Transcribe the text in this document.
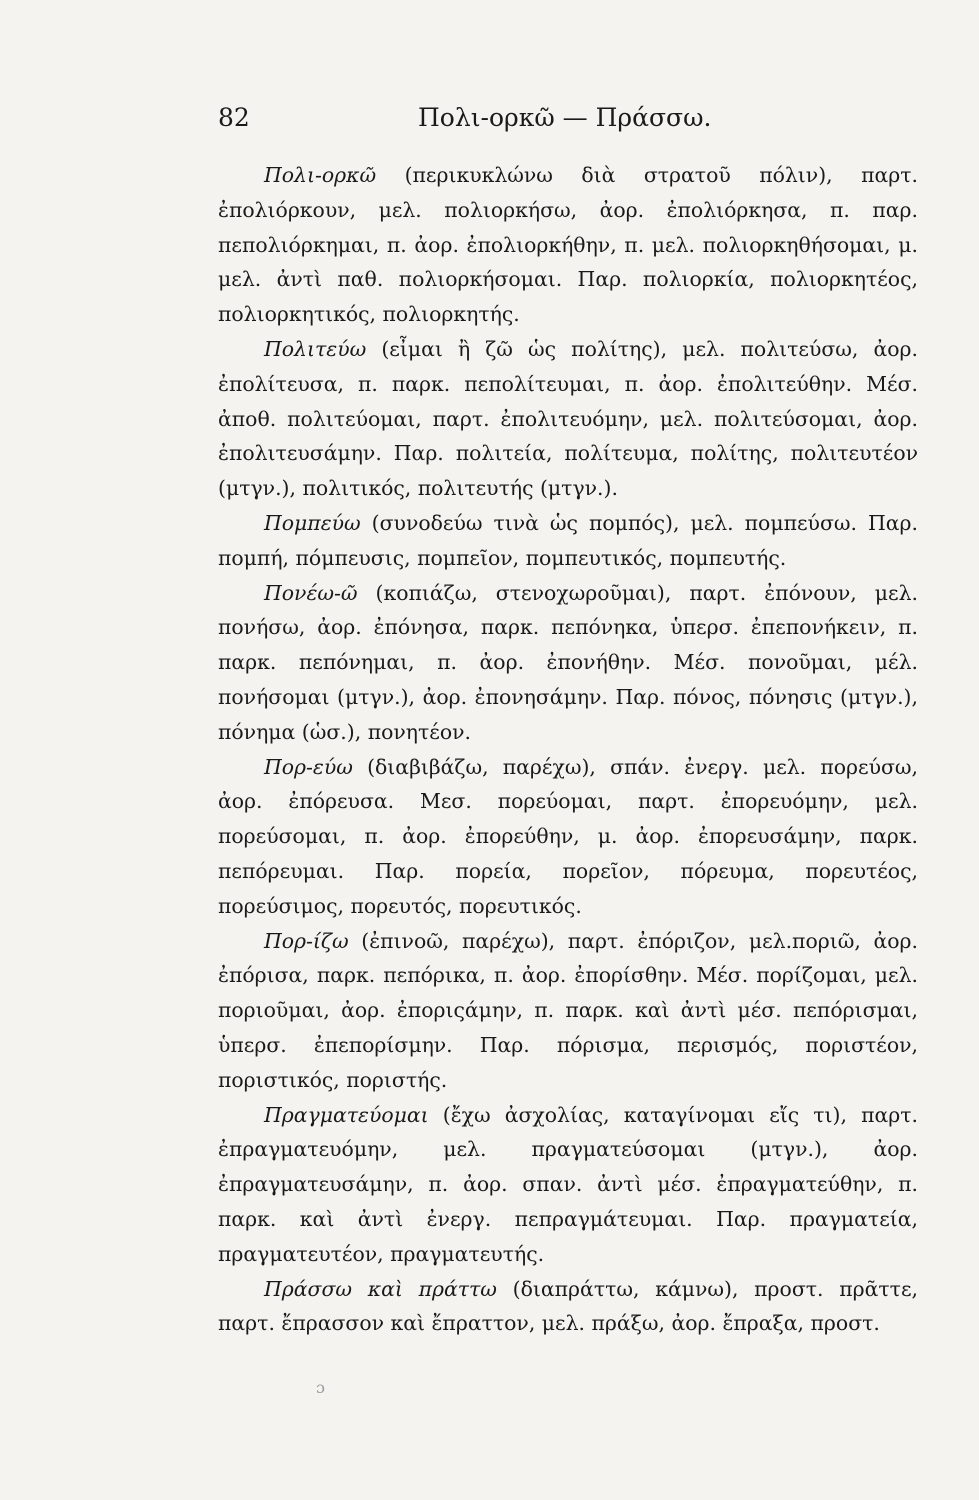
82	Πολι-ορκῶ — Πράσσω.

Πολι-ορκῶ (περικυκλώνω διὰ στρατοῦ πόλιν), παρτ. ἐπολιόρκουν, μελ. πολιορκήσω, ἀορ. ἐπολιόρκησα, π. παρ. πεπολιόρκημαι, π. ἀορ. ἐπολιορκήθην, π. μελ. πολιορκηθήσομαι, μ. μελ. ἀντὶ παθ. πολιορκήσομαι. Παρ. πολιορκία, πολιορκητέος, πολιορκητικός, πολιορκητής.

Πολιτεύω (εἶμαι ἢ ζῶ ὡς πολίτης), μελ. πολιτεύσω, ἀορ. ἐπολίτευσα, π. παρκ. πεπολίτευμαι, π. ἀορ. ἐπολιτεύθην. Μέσ. ἀποθ. πολιτεύομαι, παρτ. ἐπολιτευόμην, μελ. πολιτεύσομαι, ἀορ. ἐπολιτευσάμην. Παρ. πολιτεία, πολίτευμα, πολίτης, πολιτευτέον (μτγν.), πολιτικός, πολιτευτής (μτγν.).

Πομπεύω (συνοδεύω τινὰ ὡς πομπός), μελ. πομπεύσω. Παρ. πομπή, πόμπευσις, πομπεῖον, πομπευτικός, πομπευτής.

Πονέω-ῶ (κοπιάζω, στενοχωροῦμαι), παρτ. ἐπόνουν, μελ. πονήσω, ἀορ. ἐπόνησα, παρκ. πεπόνηκα, ὑπερσ. ἐπεπονήκειν, π. παρκ. πεπόνημαι, π. ἀορ. ἐπονήθην. Μέσ. πονοῦμαι, μέλ. πονήσομαι (μτγν.), ἀορ. ἐπονησάμην. Παρ. πόνος, πόνησις (μτγν.), πόνημα (ὡσ.), πονητέον.

Πορ-εύω (διαβιβάζω, παρέχω), σπάν. ἐνεργ. μελ. πορεύσω, ἀορ. ἐπόρευσα. Μεσ. πορεύομαι, παρτ. ἐπορευόμην, μελ. πορεύσομαι, π. ἀορ. ἐπορεύθην, μ. ἀορ. ἐπορευσάμην, παρκ. πεπόρευμαι. Παρ. πορεία, πορεῖον, πόρευμα, πορευτέος, πορεύσιμος, πορευτός, πορευτικός.

Πορ-ίζω (ἐπινοῶ, παρέχω), παρτ. ἐπόριζον, μελ.ποριῶ, ἀορ. ἐπόρισα, παρκ. πεπόρικα, π. ἀορ. ἐπορίσθην. Μέσ. πορίζομαι, μελ. ποριοῦμαι, ἀορ. ἐποριςάμην, π. παρκ. καὶ ἀντὶ μέσ. πεπόρισμαι, ὑπερσ. ἐπεπορίσμην. Παρ. πόρισμα, περισμός, ποριστέον, ποριστικός, ποριστής.

Πραγματεύομαι (ἔχω ἀσχολίας, καταγίνομαι εἴς τι), παρτ. ἐπραγματευόμην, μελ. πραγματεύσομαι (μτγν.), ἀορ. ἐπραγματευσάμην, π. ἀορ. σπαν. ἀντὶ μέσ. ἐπραγματεύθην, π. παρκ. καὶ ἀντὶ ἐνεργ. πεπραγμάτευμαι. Παρ. πραγματεία, πραγματευτέον, πραγματευτής.

Πράσσω καὶ πράττω (διαπράττω, κάμνω), προστ. πρᾶττε, παρτ. ἔπρασσον καὶ ἔπραττον, μελ. πράξω, ἀορ. ἔπραξα, προστ.

ɔ
